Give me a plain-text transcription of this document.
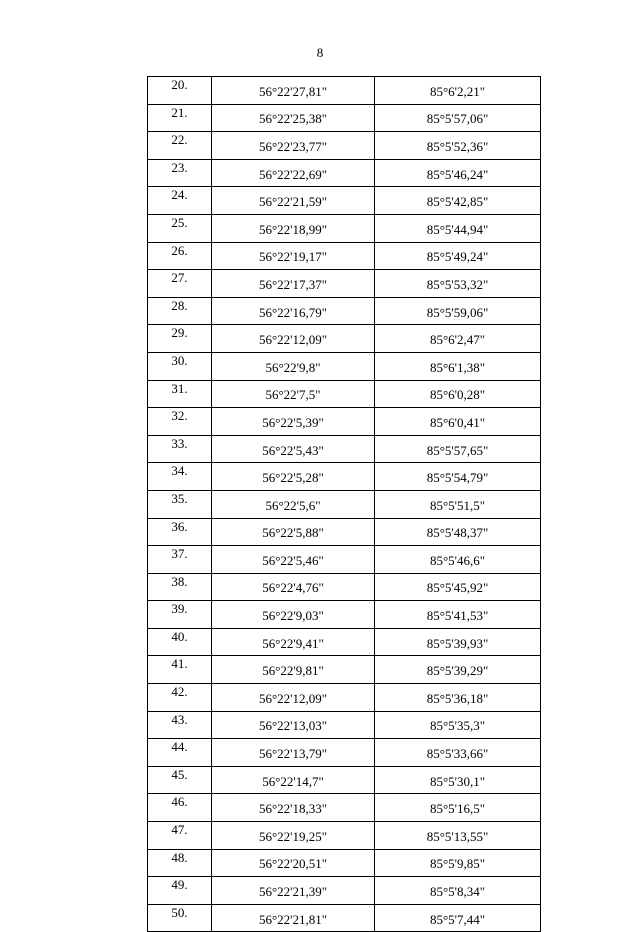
8
20.	56°22'27,81"	85°6'2,21"
21.	56°22'25,38"	85°5'57,06"
22.	56°22'23,77"	85°5'52,36"
23.	56°22'22,69"	85°5'46,24"
24.	56°22'21,59"	85°5'42,85"
25.	56°22'18,99"	85°5'44,94"
26.	56°22'19,17"	85°5'49,24"
27.	56°22'17,37"	85°5'53,32"
28.	56°22'16,79"	85°5'59,06"
29.	56°22'12,09"	85°6'2,47"
30.	56°22'9,8"	85°6'1,38"
31.	56°22'7,5"	85°6'0,28"
32.	56°22'5,39"	85°6'0,41"
33.	56°22'5,43"	85°5'57,65"
34.	56°22'5,28"	85°5'54,79"
35.	56°22'5,6"	85°5'51,5"
36.	56°22'5,88"	85°5'48,37"
37.	56°22'5,46"	85°5'46,6"
38.	56°22'4,76"	85°5'45,92"
39.	56°22'9,03"	85°5'41,53"
40.	56°22'9,41"	85°5'39,93"
41.	56°22'9,81"	85°5'39,29"
42.	56°22'12,09"	85°5'36,18"
43.	56°22'13,03"	85°5'35,3"
44.	56°22'13,79"	85°5'33,66"
45.	56°22'14,7"	85°5'30,1"
46.	56°22'18,33"	85°5'16,5"
47.	56°22'19,25"	85°5'13,55"
48.	56°22'20,51"	85°5'9,85"
49.	56°22'21,39"	85°5'8,34"
50.	56°22'21,81"	85°5'7,44"
